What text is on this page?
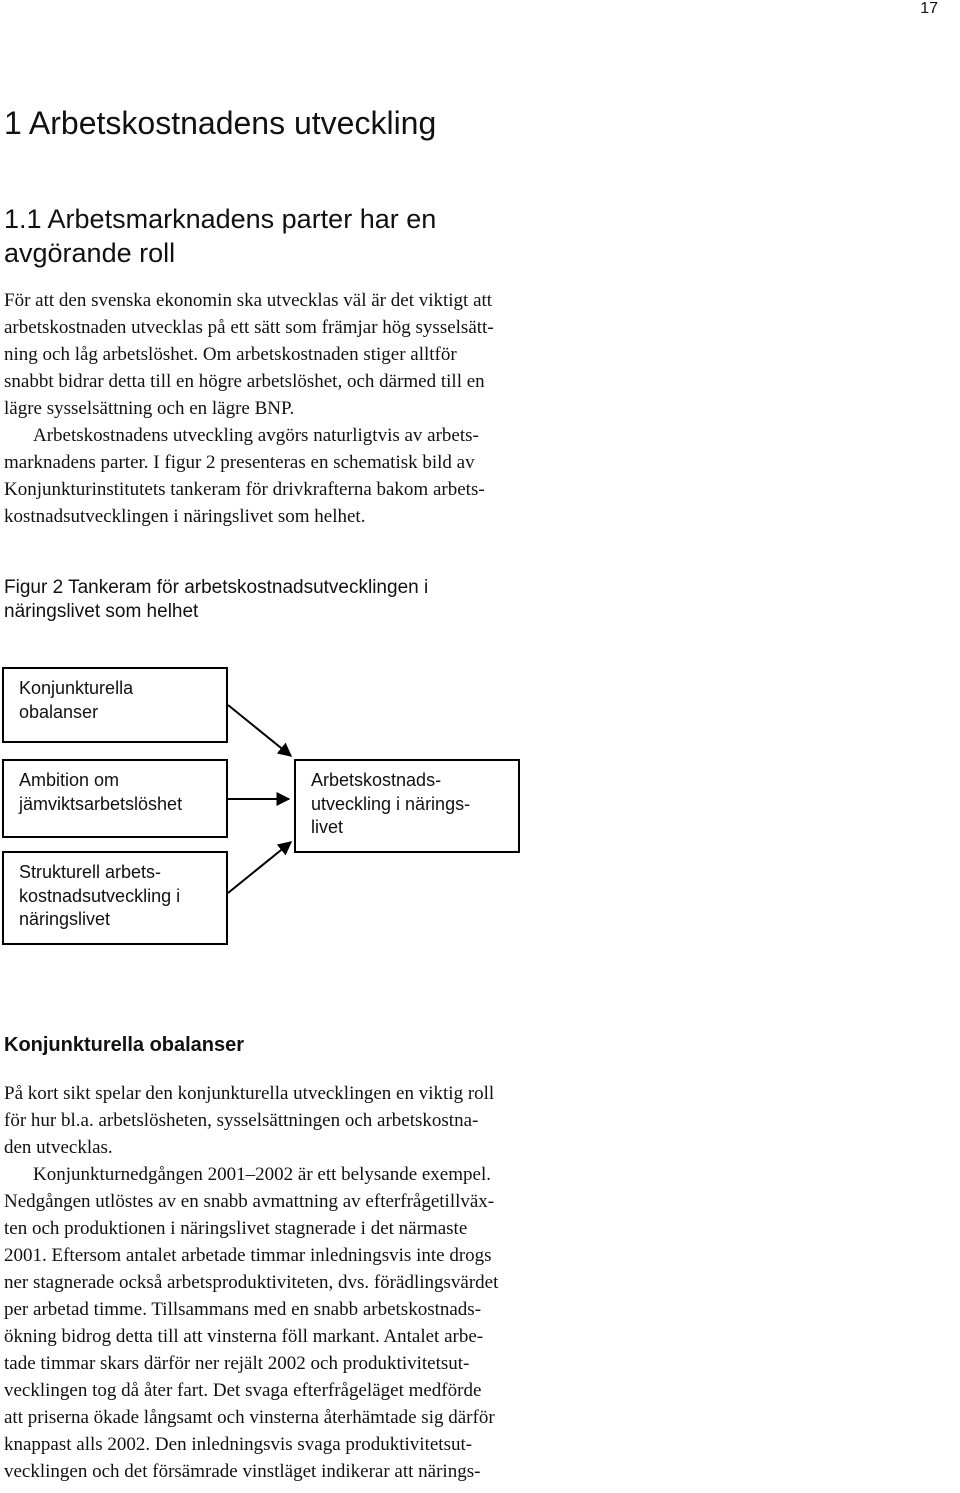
17
1 Arbetskostnadens utveckling
1.1 Arbetsmarknadens parter har en
avgörande roll
För att den svenska ekonomin ska utvecklas väl är det viktigt att
arbetskostnaden utvecklas på ett sätt som främjar hög sysselsätt-
ning och låg arbetslöshet. Om arbetskostnaden stiger alltför
snabbt bidrar detta till en högre arbetslöshet, och därmed till en
lägre sysselsättning och en lägre BNP.
Arbetskostnadens utveckling avgörs naturligtvis av arbets-
marknadens parter. I figur 2 presenteras en schematisk bild av
Konjunkturinstitutets tankeram för drivkrafterna bakom arbets-
kostnadsutvecklingen i näringslivet som helhet.
Figur 2 Tankeram för arbetskostnadsutvecklingen i
näringslivet som helhet
Konjunkturella
obalanser
Ambition om
jämviktsarbetslöshet
Strukturell arbets-
kostnadsutveckling i
näringslivet
Arbetskostnads-
utveckling i närings-
livet
Konjunkturella obalanser
På kort sikt spelar den konjunkturella utvecklingen en viktig roll
för hur bl.a. arbetslösheten, sysselsättningen och arbetskostna-
den utvecklas.
Konjunkturnedgången 2001–2002 är ett belysande exempel.
Nedgången utlöstes av en snabb avmattning av efterfrågetillväx-
ten och produktionen i näringslivet stagnerade i det närmaste
2001. Eftersom antalet arbetade timmar inledningsvis inte drogs
ner stagnerade också arbetsproduktiviteten, dvs. förädlingsvärdet
per arbetad timme. Tillsammans med en snabb arbetskostnads-
ökning bidrog detta till att vinsterna föll markant. Antalet arbe-
tade timmar skars därför ner rejält 2002 och produktivitetsut-
vecklingen tog då åter fart. Det svaga efterfrågeläget medförde
att priserna ökade långsamt och vinsterna återhämtade sig därför
knappast alls 2002. Den inledningsvis svaga produktivitetsut-
vecklingen och det försämrade vinstläget indikerar att närings-
